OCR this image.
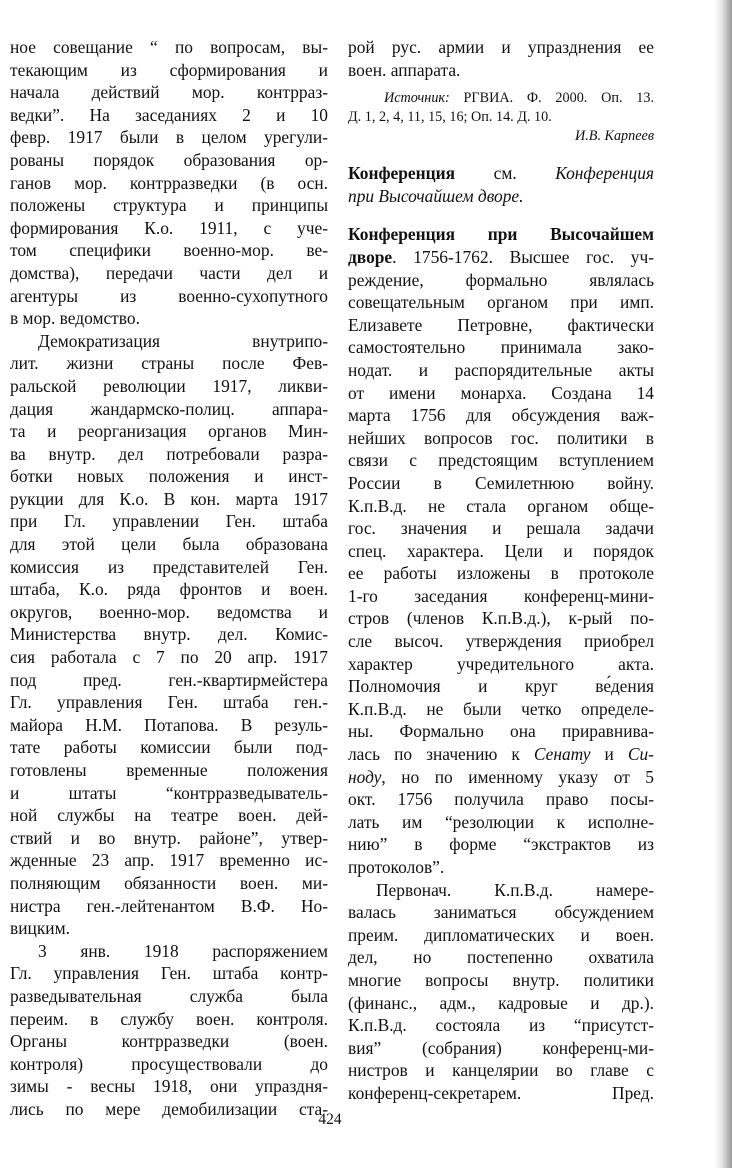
ное совещание “ по вопросам, вы-
текающим из сформирования и
начала действий мор. контрраз-
ведки”. На заседаниях 2 и 10
февр. 1917 были в целом урегули-
рованы порядок образования ор-
ганов мор. контрразведки (в осн.
положены структура и принципы
формирования К.о. 1911, с уче-
том специфики военно-мор. ве-
домства), передачи части дел и
агентуры из военно-сухопутного
в мор. ведомство.
Демократизация внутрипо-
лит. жизни страны после Фев-
ральской революции 1917, ликви-
дация жандармско-полиц. аппара-
та и реорганизация органов Мин-
ва внутр. дел потребовали разра-
ботки новых положения и инст-
рукции для К.о. В кон. марта 1917
при Гл. управлении Ген. штаба
для этой цели была образована
комиссия из представителей Ген.
штаба, К.о. ряда фронтов и воен.
округов, военно-мор. ведомства и
Министерства внутр. дел. Комис-
сия работала с 7 по 20 апр. 1917
под пред. ген.-квартирмейстера
Гл. управления Ген. штаба ген.-
майора Н.М. Потапова. В резуль-
тате работы комиссии были под-
готовлены временные положения
и штаты “контрразведыватель-
ной службы на театре воен. дей-
ствий и во внутр. районе”, утвер-
жденные 23 апр. 1917 временно ис-
полняющим обязанности воен. ми-
нистра ген.-лейтенантом В.Ф. Но-
вицким.
3 янв. 1918 распоряжением
Гл. управления Ген. штаба контр-
разведывательная служба была
переим. в службу воен. контроля.
Органы контрразведки (воен.
контроля) просуществовали до
зимы - весны 1918, они упраздня-
лись по мере демобилизации ста-
рой рус. армии и упразднения ее
воен. аппарата.
Источник: РГВИА. Ф. 2000. Оп. 13.
Д. 1, 2, 4, 11, 15, 16; Оп. 14. Д. 10.
И.В. Карпеев
Конференция см. Конференция
при Высочайшем дворе.
Конференция при Высочайшем
дворе. 1756-1762. Высшее гос. уч-
реждение, формально являлась
совещательным органом при имп.
Елизавете Петровне, фактически
самостоятельно принимала зако-
нодат. и распорядительные акты
от имени монарха. Создана 14
марта 1756 для обсуждения важ-
нейших вопросов гос. политики в
связи с предстоящим вступлением
России в Семилетнюю войну.
К.п.В.д. не стала органом обще-
гос. значения и решала задачи
спец. характера. Цели и порядок
ее работы изложены в протоколе
1-го заседания конференц-мини-
стров (членов К.п.В.д.), к-рый по-
сле высоч. утверждения приобрел
характер учредительного акта.
Полномочия и круг ве́дения
К.п.В.д. не были четко определе-
ны. Формально она приравнива-
лась по значению к Сенату и Си-
ноду, но по именному указу от 5
окт. 1756 получила право посы-
лать им “резолюции к исполне-
нию” в форме “экстрактов из
протоколов”.
Первонач. К.п.В.д. намере-
валась заниматься обсуждением
преим. дипломатических и воен.
дел, но постепенно охватила
многие вопросы внутр. политики
(финанс., адм., кадровые и др.).
К.п.В.д. состояла из “присутст-
вия” (собрания) конференц-ми-
нистров и канцелярии во главе с
конференц-секретарем. Пред.
424
